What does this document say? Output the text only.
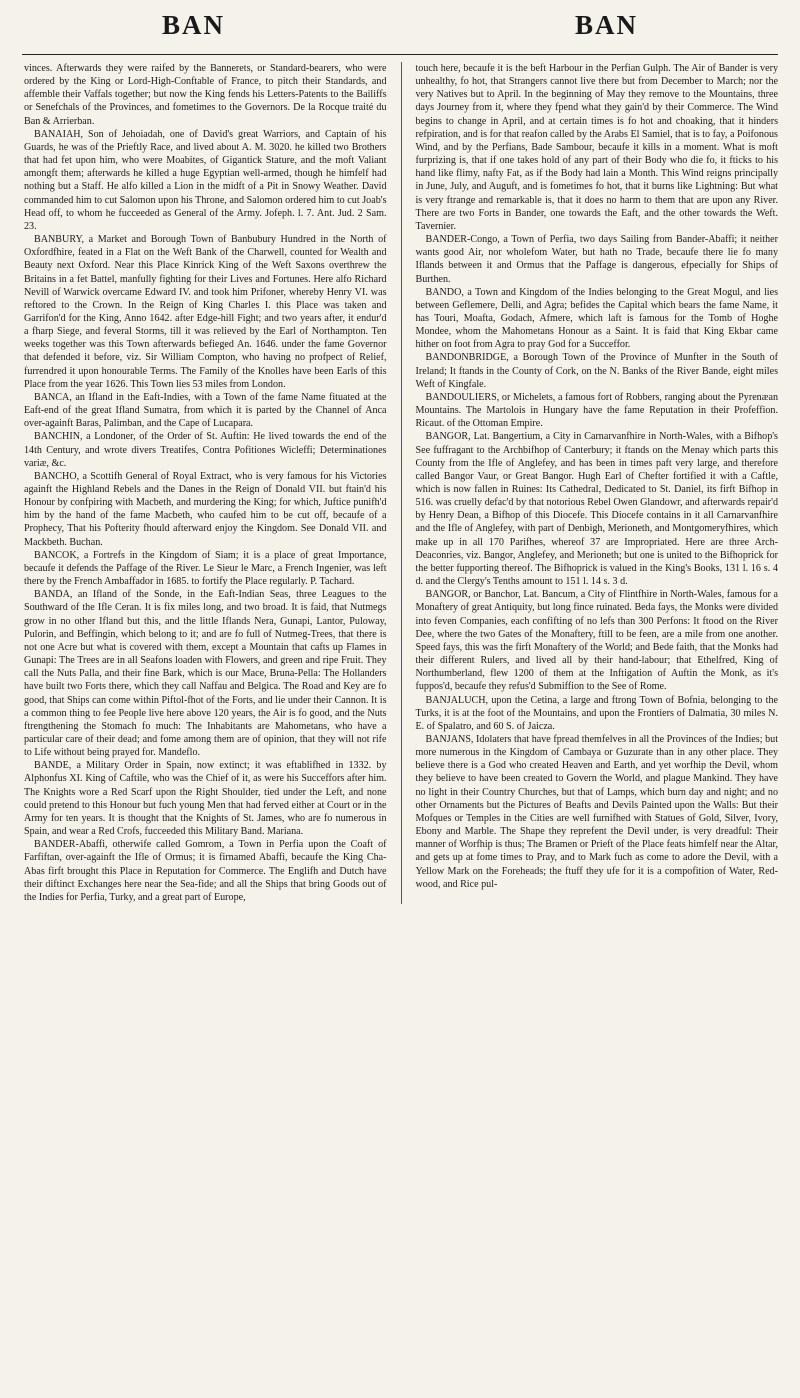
BAN	BAN

vinces. Afterwards they were raifed by the Bannerets, or Standard-bearers, who were ordered by the King or Lord-High-Conftable of France, to pitch their Standards, and affemble their Vaffals together; but now the King fends his Letters-Patents to the Bailiffs or Senefchals of the Provinces, and fometimes to the Governors. De la Rocque traité du Ban & Arrierban.

BANAIAH, Son of Jehoiadah, one of David's great Warriors, and Captain of his Guards, he was of the Prieftly Race, and lived about A. M. 3020. he killed two Brothers that had fet upon him, who were Moabites, of Gigantick Stature, and the moft Valiant amongft them; afterwards he killed a huge Egyptian well-armed, though he himfelf had nothing but a Staff. He alfo killed a Lion in the midft of a Pit in Snowy Weather. David commanded him to cut Salomon upon his Throne, and Salomon ordered him to cut Joab's Head off, to whom he fucceeded as General of the Army. Jofeph. l. 7. Ant. Jud. 2 Sam. 23.

BANBURY, a Market and Borough Town of Banbubury Hundred in the North of Oxfordfhire, feated in a Flat on the Weft Bank of the Charwell, counted for Wealth and Beauty next Oxford. Near this Place Kinrick King of the Weft Saxons overthrew the Britains in a fet Battel, manfully fighting for their Lives and Fortunes. Here alfo Richard Nevill of Warwick overcame Edward IV. and took him Prifoner, whereby Henry VI. was reftored to the Crown. In the Reign of King Charles I. this Place was taken and Garrifon'd for the King, Anno 1642. after Edge-hill Fight; and two years after, it endur'd a fharp Siege, and feveral Storms, till it was relieved by the Earl of Northampton. Ten weeks together was this Town afterwards befieged An. 1646. under the fame Governor that defended it before, viz. Sir William Compton, who having no profpect of Relief, furrendred it upon honourable Terms. The Family of the Knolles have been Earls of this Place from the year 1626. This Town lies 53 miles from London.

BANCA, an Ifland in the Eaft-Indies, with a Town of the fame Name fituated at the Eaft-end of the great Ifland Sumatra, from which it is parted by the Channel of Anca over-againft Baras, Palimban, and the Cape of Lucapara.

BANCHIN, a Londoner, of the Order of St. Auftin: He lived towards the end of the 14th Century, and wrote divers Treatifes, Contra Pofitiones Wicleffi; Determinationes variæ, &c.

BANCHO, a Scottifh General of Royal Extract, who is very famous for his Victories againft the Highland Rebels and the Danes in the Reign of Donald VII. but ftain'd his Honour by confpiring with Macbeth, and murdering the King; for which, Juftice punifh'd him by the hand of the fame Macbeth, who caufed him to be cut off, becaufe of a Prophecy, That his Pofterity fhould afterward enjoy the Kingdom. See Donald VII. and Mackbeth. Buchan.

BANCOK, a Fortrefs in the Kingdom of Siam; it is a place of great Importance, becaufe it defends the Paffage of the River. Le Sieur le Marc, a French Ingenier, was left there by the French Ambaffador in 1685. to fortify the Place regularly. P. Tachard.

BANDA, an Ifland of the Sonde, in the Eaft-Indian Seas, three Leagues to the Southward of the Ifle Ceran. It is fix miles long, and two broad. It is faid, that Nutmegs grow in no other Ifland but this, and the little Iflands Nera, Gunapi, Lantor, Puloway, Pulorin, and Beffingin, which belong to it; and are fo full of Nutmeg-Trees, that there is not one Acre but what is covered with them, except a Mountain that cafts up Flames in Gunapi: The Trees are in all Seafons loaden with Flowers, and green and ripe Fruit. They call the Nuts Palla, and their fine Bark, which is our Mace, Bruna-Pella: The Hollanders have built two Forts there, which they call Naffau and Belgica. The Road and Key are fo good, that Ships can come within Piftol-fhot of the Forts, and lie under their Cannon. It is a common thing to fee People live here above 120 years, the Air is fo good, and the Nuts ftrengthening the Stomach fo much: The Inhabitants are Mahometans, who have a particular care of their dead; and fome among them are of opinion, that they will not rife to Life without being prayed for. Mandeflo.

BANDE, a Military Order in Spain, now extinct; it was eftablifhed in 1332. by Alphonfus XI. King of Caftile, who was the Chief of it, as were his Succeffors after him. The Knights wore a Red Scarf upon the Right Shoulder, tied under the Left, and none could pretend to this Honour but fuch young Men that had ferved either at Court or in the Army for ten years. It is thought that the Knights of St. James, who are fo numerous in Spain, and wear a Red Crofs, fucceeded this Military Band. Mariana.

BANDER-Abaffi, otherwife called Gomrom, a Town in Perfia upon the Coaft of Farfiftan, over-againft the Ifle of Ormus; it is firnamed Abaffi, becaufe the King Cha-Abas firft brought this Place in Reputation for Commerce. The Englifh and Dutch have their diftinct Exchanges here near the Sea-fide; and all the Ships that bring Goods out of the Indies for Perfia, Turky, and a great part of Europe,

touch here, becaufe it is the beft Harbour in the Perfian Gulph. The Air of Bander is very unhealthy, fo hot, that Strangers cannot live there but from December to March; nor the very Natives but to April. In the beginning of May they remove to the Mountains, three days Journey from it, where they fpend what they gain'd by their Commerce. The Wind begins to change in April, and at certain times is fo hot and choaking, that it hinders refpiration, and is for that reafon called by the Arabs El Samiel, that is to fay, a Poifonous Wind, and by the Perfians, Bade Sambour, becaufe it kills in a moment. What is moft furprizing is, that if one takes hold of any part of their Body who die fo, it fticks to his hand like flimy, nafty Fat, as if the Body had lain a Month. This Wind reigns principally in June, July, and Auguft, and is fometimes fo hot, that it burns like Lightning: But what is very ftrange and remarkable is, that it does no harm to them that are upon any River. There are two Forts in Bander, one towards the Eaft, and the other towards the Weft. Tavernier.

BANDER-Congo, a Town of Perfia, two days Sailing from Bander-Abaffi; it neither wants good Air, nor wholefom Water, but hath no Trade, becaufe there lie fo many Iflands between it and Ormus that the Paffage is dangerous, efpecially for Ships of Burthen.

BANDO, a Town and Kingdom of the Indies belonging to the Great Mogul, and lies between Geflemere, Delli, and Agra; befides the Capital which bears the fame Name, it has Touri, Moafta, Godach, Afmere, which laft is famous for the Tomb of Hoghe Mondee, whom the Mahometans Honour as a Saint. It is faid that King Ekbar came hither on foot from Agra to pray God for a Succeffor.

BANDONBRIDGE, a Borough Town of the Province of Munfter in the South of Ireland; It ftands in the County of Cork, on the N. Banks of the River Bande, eight miles Weft of Kingfale.

BANDOULIERS, or Michelets, a famous fort of Robbers, ranging about the Pyrenæan Mountains. The Martolois in Hungary have the fame Reputation in their Profeffion. Ricaut. of the Ottoman Empire.

BANGOR, Lat. Bangertium, a City in Carnarvanfhire in North-Wales, with a Bifhop's See fuffragant to the Archbifhop of Canterbury; it ftands on the Menay which parts this County from the Ifle of Anglefey, and has been in times paft very large, and therefore called Bangor Vaur, or Great Bangor. Hugh Earl of Chefter fortified it with a Caftle, which is now fallen in Ruines: Its Cathedral, Dedicated to St. Daniel, its firft Bifhop in 516. was cruelly defac'd by that notorious Rebel Owen Glandowr, and afterwards repair'd by Henry Dean, a Bifhop of this Diocefe. This Diocefe contains in it all Carnarvanfhire and the Ifle of Anglefey, with part of Denbigh, Merioneth, and Montgomeryfhires, which make up in all 170 Parifhes, whereof 37 are Impropriated. Here are three Arch-Deaconries, viz. Bangor, Anglefey, and Merioneth; but one is united to the Bifhoprick for the better fupporting thereof. The Bifhoprick is valued in the King's Books, 131 l. 16 s. 4 d. and the Clergy's Tenths amount to 151 l. 14 s. 3 d.

BANGOR, or Banchor, Lat. Bancum, a City of Flintfhire in North-Wales, famous for a Monaftery of great Antiquity, but long fince ruinated. Beda fays, the Monks were divided into feven Companies, each confifting of no lefs than 300 Perfons: It ftood on the River Dee, where the two Gates of the Monaftery, ftill to be feen, are a mile from one another. Speed fays, this was the firft Monaftery of the World; and Bede faith, that the Monks had their different Rulers, and lived all by their hand-labour; that Ethelfred, King of Northumberland, flew 1200 of them at the Inftigation of Auftin the Monk, as it's fuppos'd, becaufe they refus'd Submiffion to the See of Rome.

BANJALUCH, upon the Cetina, a large and ftrong Town of Bofnia, belonging to the Turks, it is at the foot of the Mountains, and upon the Frontiers of Dalmatia, 30 miles N. E. of Spalatro, and 60 S. of Jaicza.

BANJANS, Idolaters that have fpread themfelves in all the Provinces of the Indies; but more numerous in the Kingdom of Cambaya or Guzurate than in any other place. They believe there is a God who created Heaven and Earth, and yet worfhip the Devil, whom they believe to have been created to Govern the World, and plague Mankind. They have no light in their Country Churches, but that of Lamps, which burn day and night; and no other Ornaments but the Pictures of Beafts and Devils Painted upon the Walls: But their Mofques or Temples in the Cities are well furnifhed with Statues of Gold, Silver, Ivory, Ebony and Marble. The Shape they reprefent the Devil under, is very dreadful: Their manner of Worfhip is thus; The Bramen or Prieft of the Place feats himfelf near the Altar, and gets up at fome times to Pray, and to Mark fuch as come to adore the Devil, with a Yellow Mark on the Foreheads; the ftuff they ufe for it is a compofition of Water, Red-wood, and Rice pul-
